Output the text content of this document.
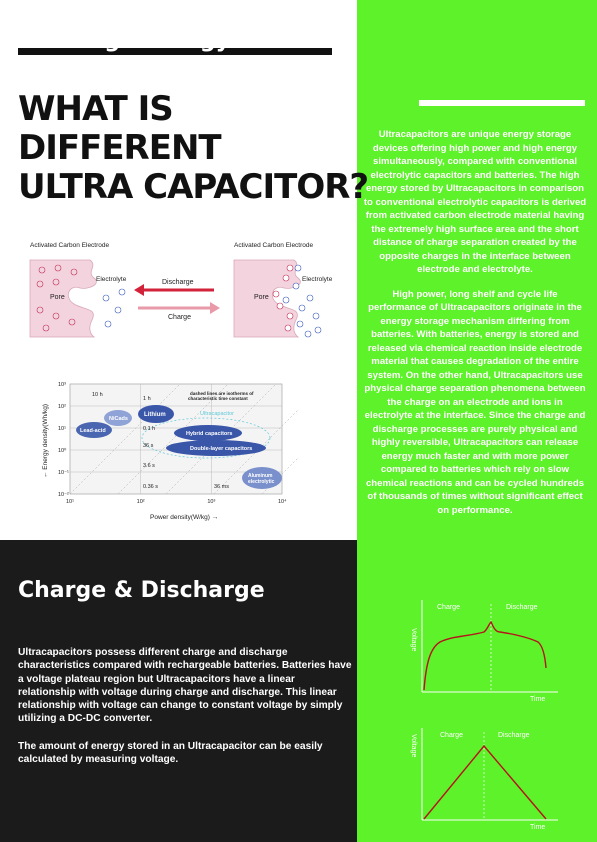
WHAT IS
DIFFERENT
ULTRA CAPACITOR?
Activated Carbon Electrode	Activated Carbon Electrode
Pore
Electrolyte	Discharge
Charge
Pore
Electrolyte
← Energy density(Wh/kg)	Lead-acid
NiCads
Lithium	Ultracapacitor
Hybrid capacitors
Double-layer capacitors
Aluminum electrolytic
dashed lines are isotherms of characteristic time constant
10 h
1 h
0.1 h
36 s
3.6 s
0.36 s	36 ms
10³
10²
10¹
10⁰
10⁻¹
10⁻²
10¹	10²	10³	10⁴
Power density(W/kg) →
High Energy
& High Power

Ultracapacitors are unique energy storage devices offering high power and high energy simultaneously, compared with conventional electrolytic capacitors and batteries. The high energy stored by Ultracapacitors in comparison to conventional electrolytic capacitors is derived from activated carbon electrode material having the extremely high surface area and the short distance of charge separation created by the opposite charges in the interface between electrode and electrolyte.

High power, long shelf and cycle life performance of Ultracapacitors originate in the energy storage mechanism differing from batteries. With batteries, energy is stored and released via chemical reaction inside electrode material that causes degradation of the entire system. On the other hand, Ultracapacitors use physical charge separation phenomena between the charge on an electrode and ions in electrolyte at the interface. Since the charge and discharge processes are purely physical and highly reversible, Ultracapacitors can release energy much faster and with more power compared to batteries which rely on slow chemical reactions and can be cycled hundreds of thousands of times without significant effect on performance.

Charge & Discharge

Ultracapacitors possess different charge and discharge characteristics compared with rechargeable batteries. Batteries have a voltage plateau region but Ultracapacitors have a linear relationship with voltage during charge and discharge. This linear relationship with voltage can change to constant voltage by simply utilizing a DC-DC converter.

The amount of energy stored in an Ultracapacitor can be easily calculated by measuring voltage.

Voltage
Charge	Discharge
Time
Voltage	Charge	Discharge
Time
